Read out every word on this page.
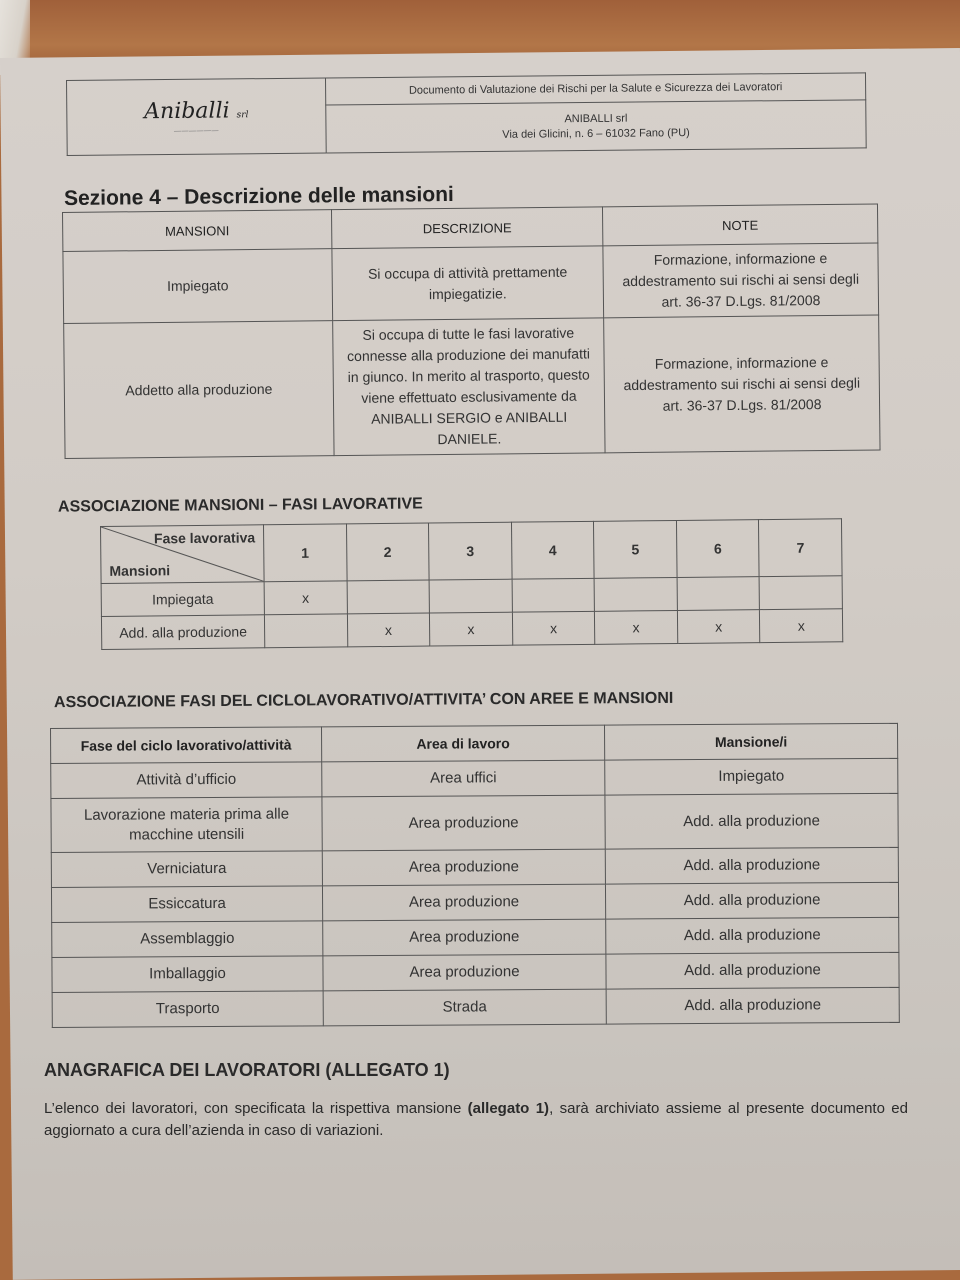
Aniballi srl
——————
	Documento di Valutazione dei Rischi per la Salute e Sicurezza dei Lavoratori

ANIBALLI srl
Via dei Glicini, n. 6 – 61032 Fano (PU)
Sezione 4 – Descrizione delle mansioni
MANSIONI	DESCRIZIONE	NOTE
Impiegato	Si occupa di attività prettamente impiegatizie.	Formazione, informazione e addestramento sui rischi ai sensi degli art. 36-37 D.Lgs. 81/2008
Addetto alla produzione	Si occupa di tutte le fasi lavorative connesse alla produzione dei manufatti in giunco. In merito al trasporto, questo viene effettuato esclusivamente da ANIBALLI SERGIO e ANIBALLI DANIELE.	Formazione, informazione e addestramento sui rischi ai sensi degli art. 36-37 D.Lgs. 81/2008
ASSOCIAZIONE MANSIONI – FASI LAVORATIVE
Fase lavorativa
Mansioni	1	2	3	4	5	6	7
Impiegata	x						
Add. alla produzione		x	x	x	x	x	x
ASSOCIAZIONE FASI DEL CICLOLAVORATIVO/ATTIVITA’ CON AREE E MANSIONI
Fase del ciclo lavorativo/attività	Area di lavoro	Mansione/i
Attività d’ufficio	Area uffici	Impiegato
Lavorazione materia prima alle macchine utensili	Area produzione	Add. alla produzione
Verniciatura	Area produzione	Add. alla produzione
Essiccatura	Area produzione	Add. alla produzione
Assemblaggio	Area produzione	Add. alla produzione
Imballaggio	Area produzione	Add. alla produzione
Trasporto	Strada	Add. alla produzione
ANAGRAFICA DEI LAVORATORI (ALLEGATO 1)

L’elenco dei lavoratori, con specificata la rispettiva mansione (allegato 1), sarà archiviato assieme al presente documento ed aggiornato a cura dell’azienda in caso di variazioni.
